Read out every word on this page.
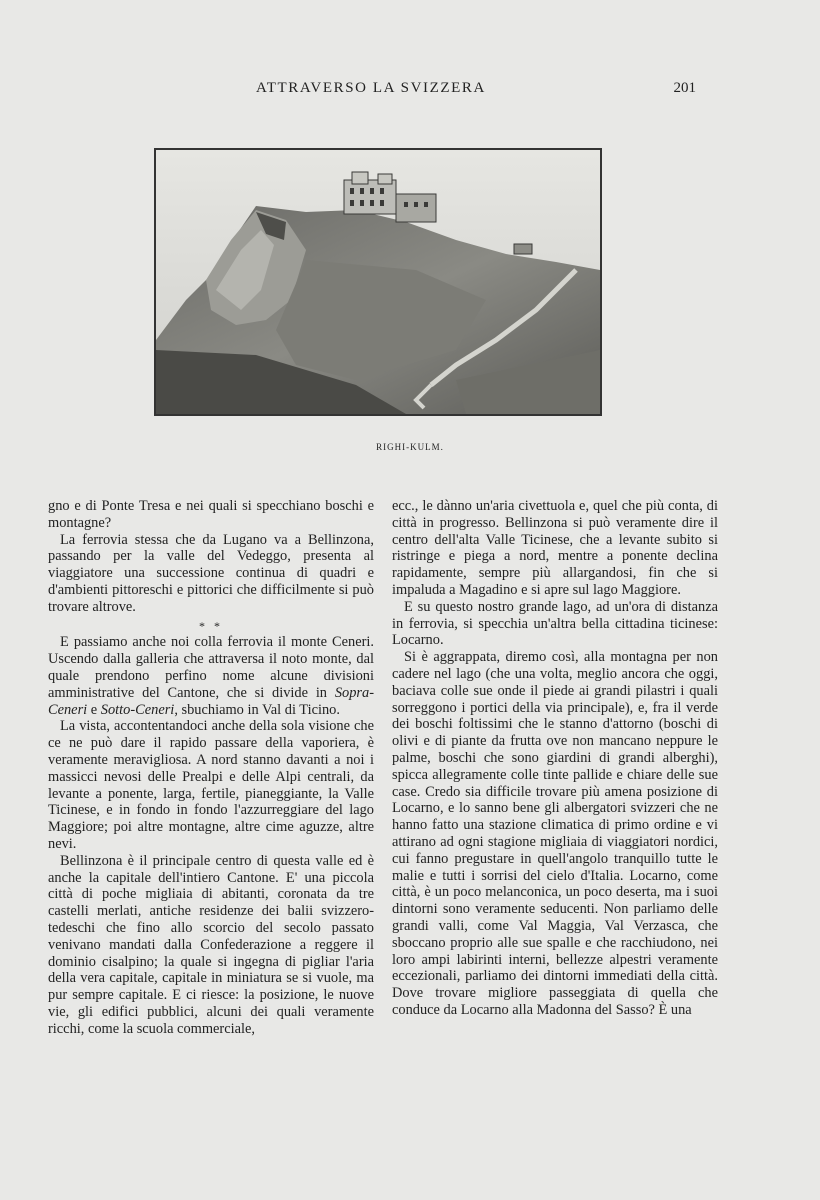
ATTRAVERSO LA SVIZZERA	201
RIGHI-KULM.

gno e di Ponte Tresa e nei quali si specchiano boschi e montagne?

La ferrovia stessa che da Lugano va a Bellinzona, passando per la valle del Vedeggo, presenta al viaggiatore una successione continua di quadri e d'ambienti pittoreschi e pittorici che difficilmente si può trovare altrove.

* *

E passiamo anche noi colla ferrovia il monte Ceneri. Uscendo dalla galleria che attraversa il noto monte, dal quale prendono perfino nome alcune divisioni amministrative del Cantone, che si divide in Sopra-Ceneri e Sotto-Ceneri, sbuchiamo in Val di Ticino.

La vista, accontentandoci anche della sola visione che ce ne può dare il rapido passare della vaporiera, è veramente meravigliosa. A nord stanno davanti a noi i massicci nevosi delle Prealpi e delle Alpi centrali, da levante a ponente, larga, fertile, pianeggiante, la Valle Ticinese, e in fondo in fondo l'azzurreggiare del lago Maggiore; poi altre montagne, altre cime aguzze, altre nevi.

Bellinzona è il principale centro di questa valle ed è anche la capitale dell'intiero Cantone. E' una piccola città di poche migliaia di abitanti, coronata da tre castelli merlati, antiche residenze dei balii svizzero-tedeschi che fino allo scorcio del secolo passato venivano mandati dalla Confederazione a reggere il dominio cisalpino; la quale si ingegna di pigliar l'aria della vera capitale, capitale in miniatura se si vuole, ma pur sempre capitale. E ci riesce: la posizione, le nuove vie, gli edifici pubblici, alcuni dei quali veramente ricchi, come la scuola commerciale,

ecc., le dànno un'aria civettuola e, quel che più conta, di città in progresso. Bellinzona si può veramente dire il centro dell'alta Valle Ticinese, che a levante subito si ristringe e piega a nord, mentre a ponente declina rapidamente, sempre più allargandosi, fin che si impaluda a Magadino e si apre sul lago Maggiore.

E su questo nostro grande lago, ad un'ora di distanza in ferrovia, si specchia un'altra bella cittadina ticinese: Locarno.

Si è aggrappata, diremo così, alla montagna per non cadere nel lago (che una volta, meglio ancora che oggi, baciava colle sue onde il piede ai grandi pilastri i quali sorreggono i portici della via principale), e, fra il verde dei boschi foltissimi che le stanno d'attorno (boschi di olivi e di piante da frutta ove non mancano neppure le palme, boschi che sono giardini di grandi alberghi), spicca allegramente colle tinte pallide e chiare delle sue case. Credo sia difficile trovare più amena posizione di Locarno, e lo sanno bene gli albergatori svizzeri che ne hanno fatto una stazione climatica di primo ordine e vi attirano ad ogni stagione migliaia di viaggiatori nordici, cui fanno pregustare in quell'angolo tranquillo tutte le malie e tutti i sorrisi del cielo d'Italia. Locarno, come città, è un poco melanconica, un poco deserta, ma i suoi dintorni sono veramente seducenti. Non parliamo delle grandi valli, come Val Maggia, Val Verzasca, che sboccano proprio alle sue spalle e che racchiudono, nei loro ampi labirinti interni, bellezze alpestri veramente eccezionali, parliamo dei dintorni immediati della città. Dove trovare migliore passeggiata di quella che conduce da Locarno alla Madonna del Sasso? È una
